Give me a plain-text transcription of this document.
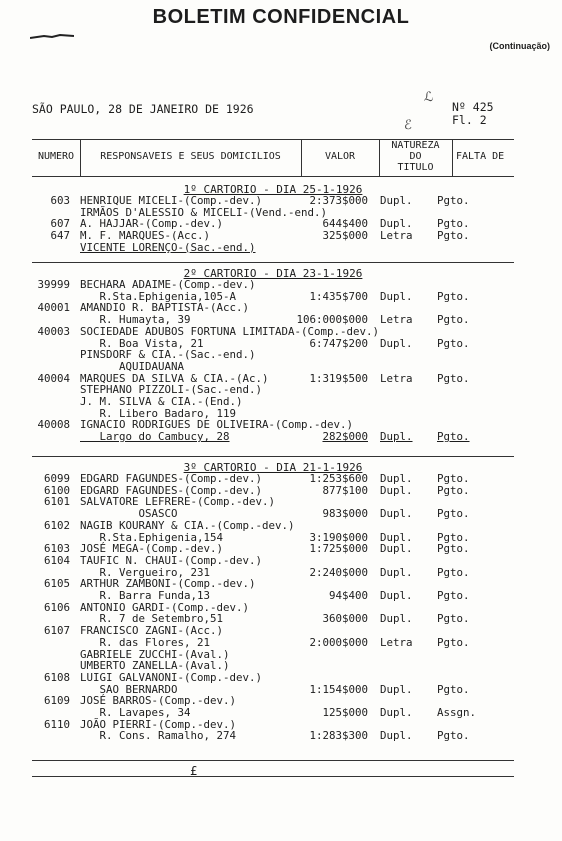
BOLETIM CONFIDENCIAL
(Continuação)
SÃO PAULO, 28 DE JANEIRO DE 1926	Nº 425
Fl. 2
ℒ
ℰ
NUMERO	RESPONSAVEIS E SEUS DOMICILIOS	VALOR
NATUREZA
DO
TITULO
FALTA DE
1º CARTORIO - DIA 25-1-1926
603 HENRIQUE MICELI-(Comp.-dev.)	2:373$000 Dupl. Pgto.
IRMÃOS D'ALESSIO & MICELI-(Vend.-end.)
607 A. HAJJAR-(Comp.-dev.)	644$400 Dupl. Pgto.
647 M. F. MARQUES-(Acc.)	325$000 Letra Pgto.
VICENTE LORENÇO-(Sac.-end.)
2º CARTORIO - DIA 23-1-1926
39999 BECHARA ADAIME-(Comp.-dev.)
R.Sta.Ephigenia,105-A	1:435$700 Dupl. Pgto.
40001 AMANDIO R. BAPTISTA-(Acc.)
R. Humayta, 39	106:000$000 Letra Pgto.
40003 SOCIEDADE ADUBOS FORTUNA LIMITADA-(Comp.-dev.)
R. Boa Vista, 21	6:747$200 Dupl. Pgto.
PINSDORF & CIA.-(Sac.-end.)
AQUIDAUANA
40004 MARQUES DA SILVA & CIA.-(Ac.)	1:319$500 Letra Pgto.
STEPHANO PIZZOLI-(Sac.-end.)
J. M. SILVA & CIA.-(End.)
R. Libero Badaro, 119
40008 IGNACIO RODRIGUES DE OLIVEIRA-(Comp.-dev.)
Largo do Cambucy, 28	282$000 Dupl. Pgto.
3º CARTORIO - DIA 21-1-1926
6099 EDGARD FAGUNDES-(Comp.-dev.)	1:253$600 Dupl. Pgto.
6100 EDGARD FAGUNDES-(Comp.-dev.)	877$100 Dupl. Pgto.
6101 SALVATORE LEFRERE-(Comp.-dev.)
OSASCO	983$000 Dupl. Pgto.
6102 NAGIB KOURANY & CIA.-(Comp.-dev.)
R.Sta.Ephigenia,154	3:190$000 Dupl. Pgto.
6103 JOSÉ MEGA-(Comp.-dev.)	1:725$000 Dupl. Pgto.
6104 TAUFIC N. CHAUI-(Comp.-dev.)
R. Vergueiro, 231	2:240$000 Dupl. Pgto.
6105 ARTHUR ZAMBONI-(Comp.-dev.)
R. Barra Funda,13	94$400 Dupl. Pgto.
6106 ANTONIO GARDI-(Comp.-dev.)
R. 7 de Setembro,51	360$000 Dupl. Pgto.
6107 FRANCISCO ZAGNI-(Acc.)
R. das Flores, 21	2:000$000 Letra Pgto.
GABRIELE ZUCCHI-(Aval.)
UMBERTO ZANELLA-(Aval.)
6108 LUIGI GALVANONI-(Comp.-dev.)
SAO BERNARDO	1:154$000 Dupl. Pgto.
6109 JOSÉ BARROS-(Comp.-dev.)
R. Lavapes, 34	125$000 Dupl. Assgn.
6110 JOÃO PIERRI-(Comp.-dev.)
R. Cons. Ramalho, 274	1:283$300 Dupl. Pgto.
£
